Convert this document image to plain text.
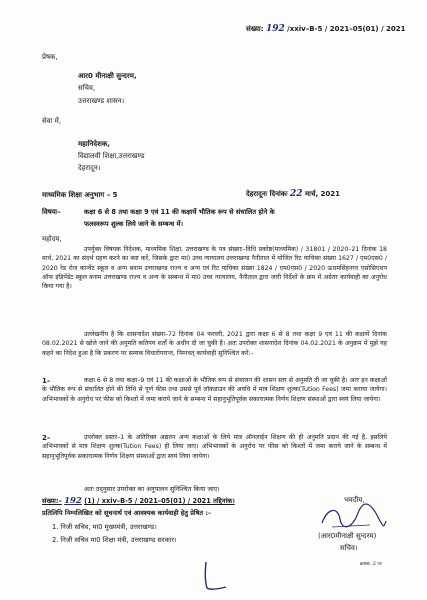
संख्या: 192 /xxiv–B-5 / 2021–05(01) / 2021
प्रेषक,
आर0 मीनाक्षी सुन्दरम,
सचिव,
उत्तराखण्ड शासन।
सेवा में,
महानिदेशक,
विद्यालयी शिक्षा,उत्तराखण्ड
देहरादून।
माध्यमिक शिक्षा अनुभाग – 5	देहरादूनः दिनांकः 22 मार्च, 2021
विषयः–	कक्षा 6 से 8 तथा कक्षा 9 एवं 11 की कक्षायें भौतिक रूप से संचालित होने के
फलस्वरूप शुल्क लिये जाने के सम्बन्ध में।
महोदय,
उपर्युक्त विषयक निदेशक, माध्यमिक शिक्षा, उत्तराखण्ड के पत्र संख्याः–विधि प्रकोष्ठ(माध्यमिक) / 31801 / 2020–21 दिनांक 18 मार्च, 2021 का संदर्भ ग्रहण करने का कष्ट करें, जिसके द्वारा मा0 उच्च न्यायालय उत्तराखण्ड नैनीताल में योजित रिट याचिका संख्या 1627 / एम0एस0 / 2020 रेड रोज कान्वेंट स्कूल व अन्य बनाम उत्तराखण्ड राज्य व अन्य एवं रिट याचिका संख्या 1824 / एम0एस0 / 2020 ऊधमसिंहनगर एसोसिएशन ऑफ इंडिपेंडेंट स्कूल बनाम उत्तराखण्ड राज्य व अन्य के सम्बन्ध में मा0 उच्च न्यायालय, नैनीताल द्वारा जारी निर्देशों के क्रम में अग्रेतर कार्यवाही का अनुरोध किया गया है।
उल्लेखनीय है कि शासनादेश संख्या–72 दिनांक 04 फरवरी, 2021 द्वारा कक्षा 6 से 8 तथा कक्षा 9 एवं 11 की कक्षायें दिनांक 08.02.2021 से खोले जाने की अनुमति कतिपय शर्तों के अधीन दी जा चुकी है। अतः उपरोक्त शासनादेश दिनांक 04.02.2021 के अनुक्रम में मुझे यह कहने का निदेश हुआ है कि प्रकरण पर सम्यक विचारोपरान्त, निम्नवत् कार्यवाही सुनिश्चित करें:–
1–	कक्षा 6 से 8 तथा कक्षा–9 एवं 11 की कक्षाओं के भौतिक रूप से संचालन की शासन स्तर से अनुमति दी जा चुकी है। अतः इन कक्षाओं के भौतिक रूप से संचालित होने की तिथि से पूर्ण फीस तथा उससे पूर्व लॉकडाउन की अवधि में मात्र शिक्षण शुल्क(Tution Fees) जमा कराया जायेगा। अभिभावकों के अनुरोध पर फीस को किश्तों में जमा कराये जाने के सम्बन्ध में सहानुभूतिपूर्वक सकारात्मक निर्णय शिक्षण संस्थाओं द्वारा स्वयं लिया जायेगा।
2–	उपरोक्त प्रस्तर–1 के अतिरिक्त अद्यतन अन्य कक्षाओं के लिये मात्र ऑनलाईन शिक्षण की ही अनुमति प्रदान की गई है, इसलिये अभिभावकों से मात्र शिक्षण शुल्क(Tution Fees) ही लिया जाए। अभिभावकों के अनुरोध पर फीस को किश्तों में जमा कराये जाने के सम्बन्ध में सहानुभूतिपूर्वक सकारात्मक निर्णय शिक्षण संस्थाओं द्वारा स्वयं लिया जायेगा।
अतः तद्नुसार उपरोक्त का अनुपालन सुनिश्चित किया जाए।
भवदीय,
(आर0मीनाक्षी सुन्दरम)
सचिव।
संख्या:– 192 (1) / xxiv–B-5 / 2021–05(01) / 2021 तद्दिनांक।
प्रतिलिपि निम्नलिखित को सूचनार्थ एवं आवश्यक कार्यवाही हेतु प्रेषित :–
1. निजी सचिव, मा0 मुख्यमंत्री, उत्तराखण्ड।
2. निजी सचिव मा0 शिक्षा मंत्री, उत्तराखण्ड सरकार।
क्रमशः..2 पर
